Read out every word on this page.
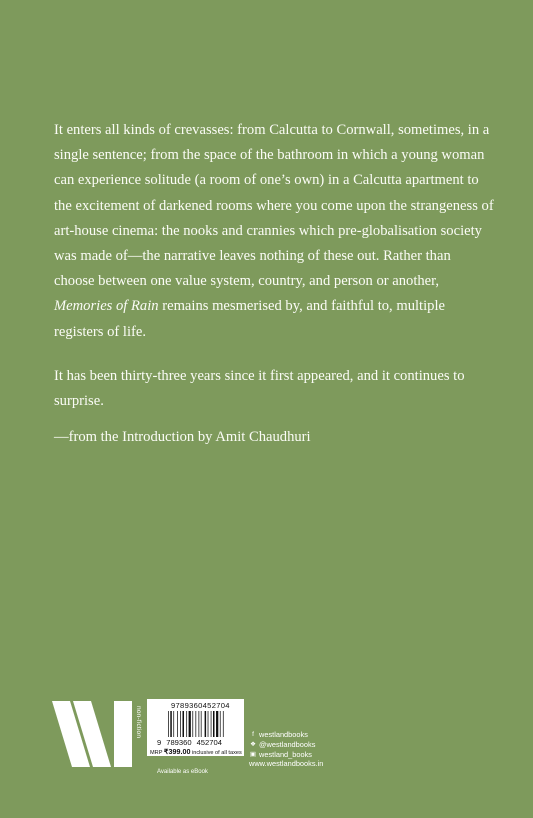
It enters all kinds of crevasses: from Calcutta to Cornwall, sometimes, in a single sentence; from the space of the bathroom in which a young woman can experience solitude (a room of one’s own) in a Calcutta apartment to the excitement of darkened rooms where you come upon the strangeness of art-house cinema: the nooks and crannies which pre-globalisation society was made of—the narrative leaves nothing of these out. Rather than choose between one value system, country, and person or another, Memories of Rain remains mesmerised by, and faithful to, multiple registers of life.

It has been thirty-three years since it first appeared, and it continues to surprise.

—from the Introduction by Amit Chaudhuri

non-fiction
9789360452704
9 789360 452704
MRP ₹399.00 inclusive of all taxes
Available as eBook
f westlandbooks
❖ @westlandbooks
▣ westland_books
www.westlandbooks.in
